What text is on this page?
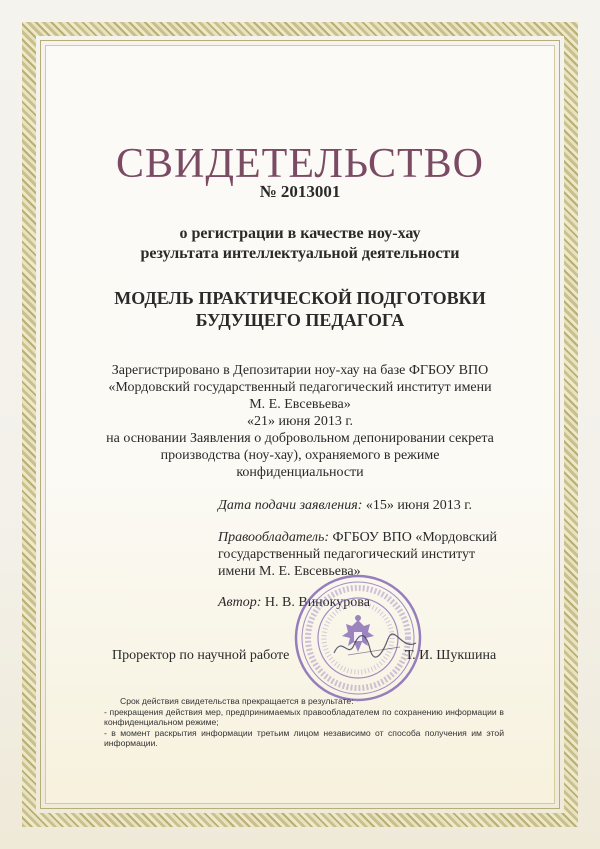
СВИДЕТЕЛЬСТВО
№ 2013001
о регистрации в качестве ноу-хау
результата интеллектуальной деятельности
МОДЕЛЬ ПРАКТИЧЕСКОЙ ПОДГОТОВКИ
БУДУЩЕГО ПЕДАГОГА
Зарегистрировано в Депозитарии ноу-хау на базе ФГБОУ ВПО
«Мордовский государственный педагогический институт имени
М. Е. Евсевьева»
«21» июня 2013 г.
на основании Заявления о добровольном депонировании секрета
производства (ноу-хау), охраняемого в режиме
конфиденциальности
Дата подачи заявления: «15» июня 2013 г.
Правообладатель: ФГБОУ ВПО «Мордовский
государственный педагогический институт
имени М. Е. Евсевьева»
Автор: Н. В. Винокурова
Проректор по научной работе	Т. И. Шукшина
Срок действия свидетельства прекращается в результате:
- прекращения действия мер, предпринимаемых правообладателем по сохранению информации в конфиденциальном режиме;
- в момент раскрытия информации третьим лицом независимо от способа получения им этой информации.
